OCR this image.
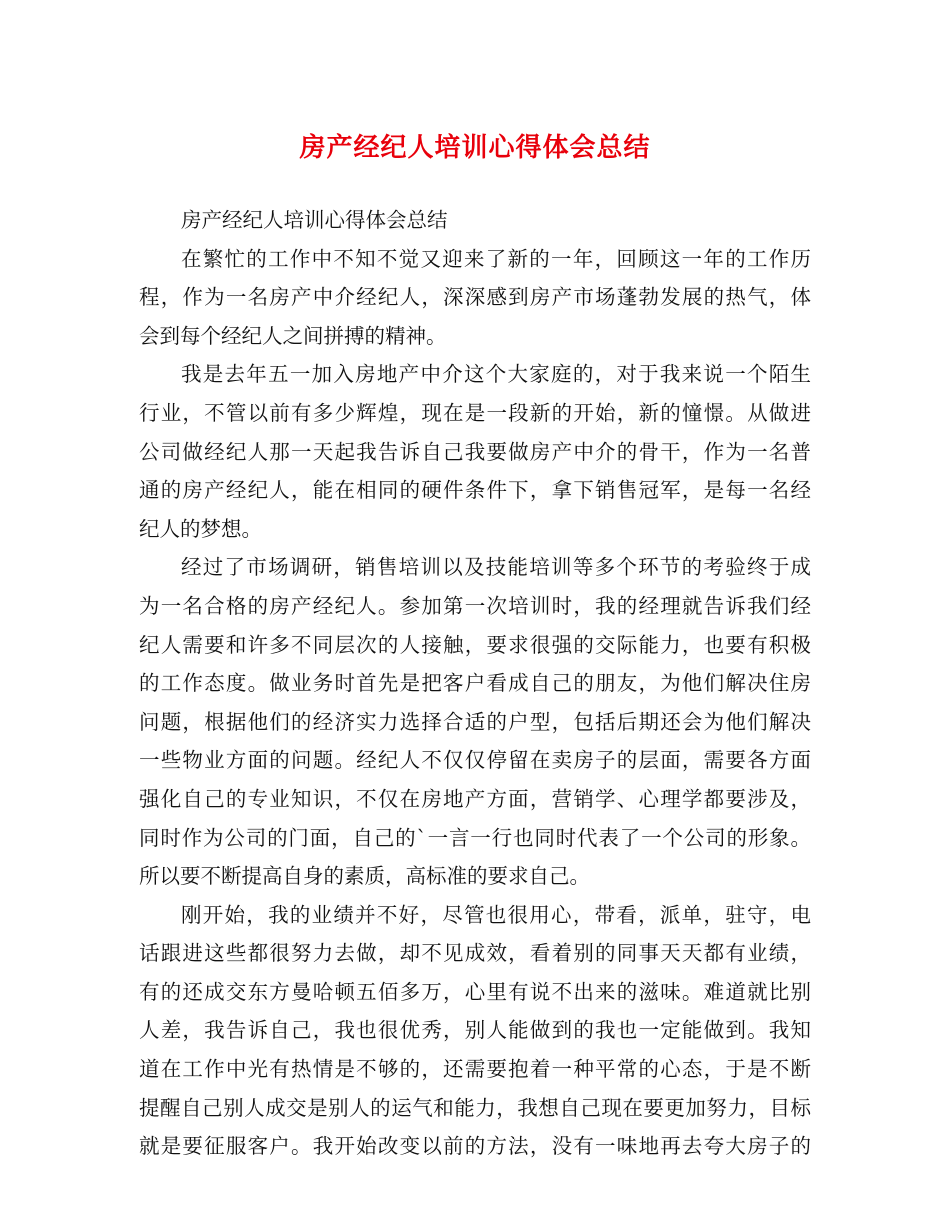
房产经纪人培训心得体会总结

房产经纪人培训心得体会总结

在繁忙的工作中不知不觉又迎来了新的一年，回顾这一年的工作历
程，作为一名房产中介经纪人，深深感到房产市场蓬勃发展的热气，体
会到每个经纪人之间拼搏的精神。

我是去年五一加入房地产中介这个大家庭的，对于我来说一个陌生
行业，不管以前有多少辉煌，现在是一段新的开始，新的憧憬。从做进
公司做经纪人那一天起我告诉自己我要做房产中介的骨干，作为一名普
通的房产经纪人，能在相同的硬件条件下，拿下销售冠军，是每一名经
纪人的梦想。

经过了市场调研，销售培训以及技能培训等多个环节的考验终于成
为一名合格的房产经纪人。参加第一次培训时，我的经理就告诉我们经
纪人需要和许多不同层次的人接触，要求很强的交际能力，也要有积极
的工作态度。做业务时首先是把客户看成自己的朋友，为他们解决住房
问题，根据他们的经济实力选择合适的户型，包括后期还会为他们解决
一些物业方面的问题。经纪人不仅仅停留在卖房子的层面，需要各方面
强化自己的专业知识，不仅在房地产方面，营销学、心理学都要涉及，
同时作为公司的门面，自己的`一言一行也同时代表了一个公司的形象。
所以要不断提高自身的素质，高标准的要求自己。

刚开始，我的业绩并不好，尽管也很用心，带看，派单，驻守，电
话跟进这些都很努力去做，却不见成效，看着别的同事天天都有业绩，
有的还成交东方曼哈顿五佰多万，心里有说不出来的滋味。难道就比别
人差，我告诉自己，我也很优秀，别人能做到的我也一定能做到。我知
道在工作中光有热情是不够的，还需要抱着一种平常的心态，于是不断
提醒自己别人成交是别人的运气和能力，我想自己现在要更加努力，目标
就是要征服客户。我开始改变以前的方法，没有一味地再去夸大房子的
